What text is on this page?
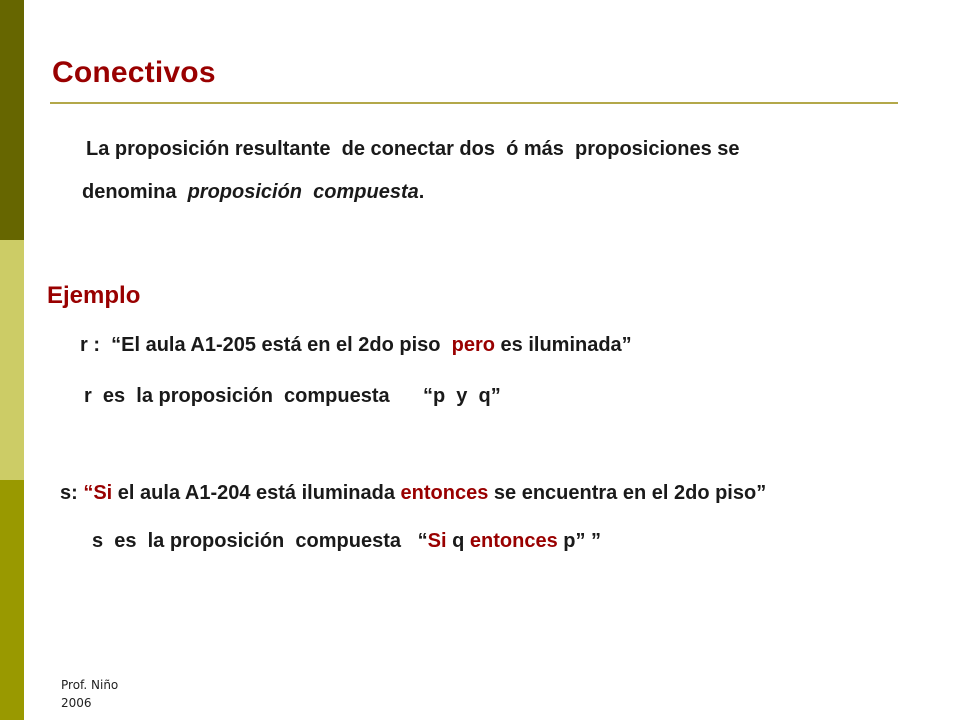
Conectivos
La proposición resultante  de conectar dos  ó más  proposiciones se
denomina  proposición  compuesta.
Ejemplo
r :  “El aula A1-205 está en el 2do piso  pero es iluminada”
r  es  la proposición  compuesta      “p  y  q”
s: “Si el aula A1-204 está iluminada entonces se encuentra en el 2do piso”
s  es  la proposición  compuesta   “Si q entonces p” ”
Prof. Niño
2006
